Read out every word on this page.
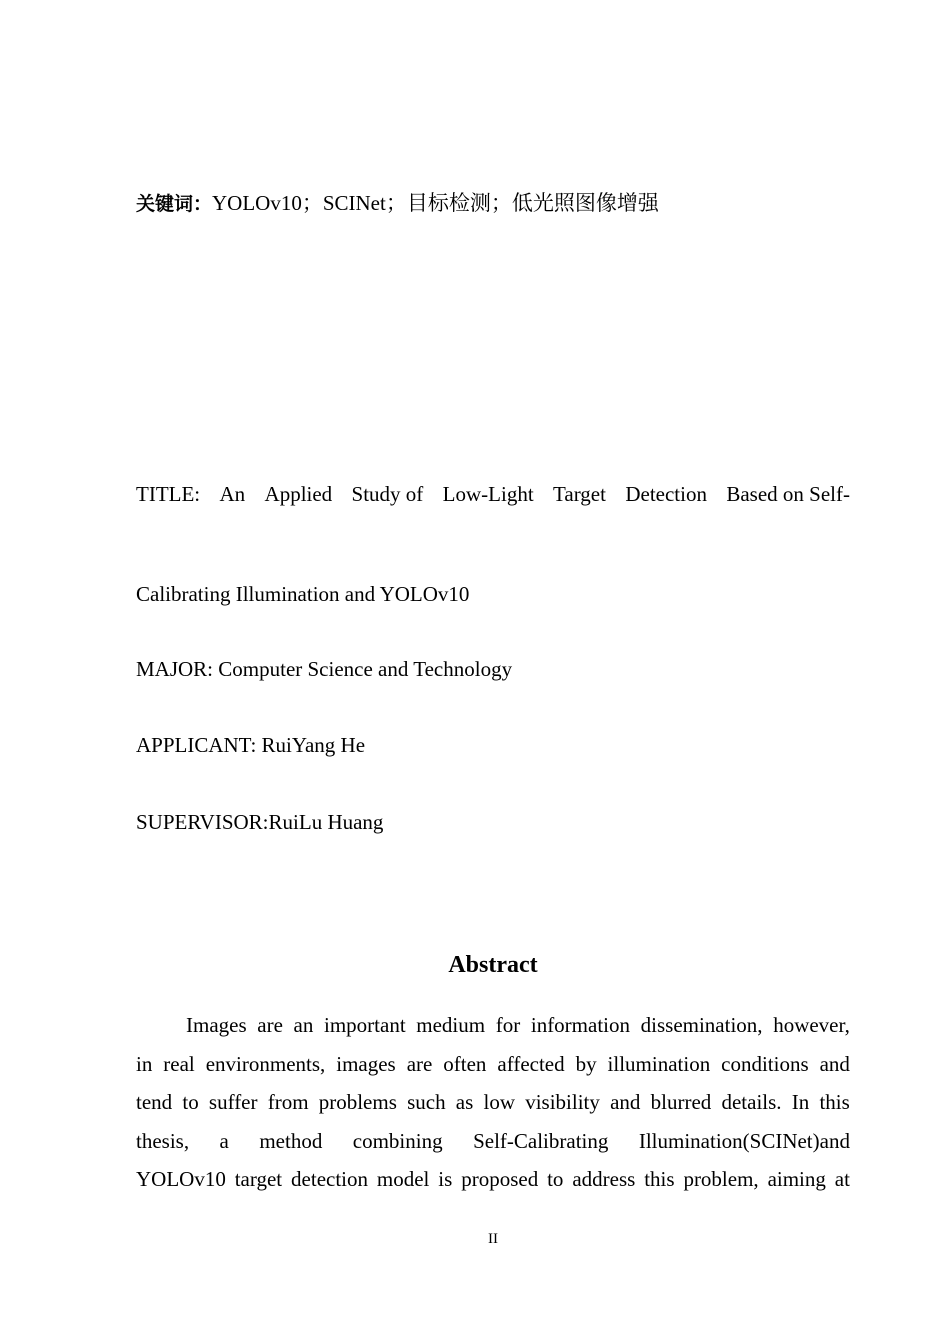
关键词：YOLOv10；SCINet；目标检测；低光照图像增强
TITLE: An Applied Study of Low-Light Target Detection Based on Self-
Calibrating Illumination and YOLOv10
MAJOR: Computer Science and Technology
APPLICANT: RuiYang He
SUPERVISOR:RuiLu Huang
Abstract
Images are an important medium for information dissemination, however,
in real environments, images are often affected by illumination conditions and
tend to suffer from problems such as low visibility and blurred details. In this
thesis, a method combining Self-Calibrating Illumination(SCINet)and
YOLOv10 target detection model is proposed to address this problem, aiming at
II
